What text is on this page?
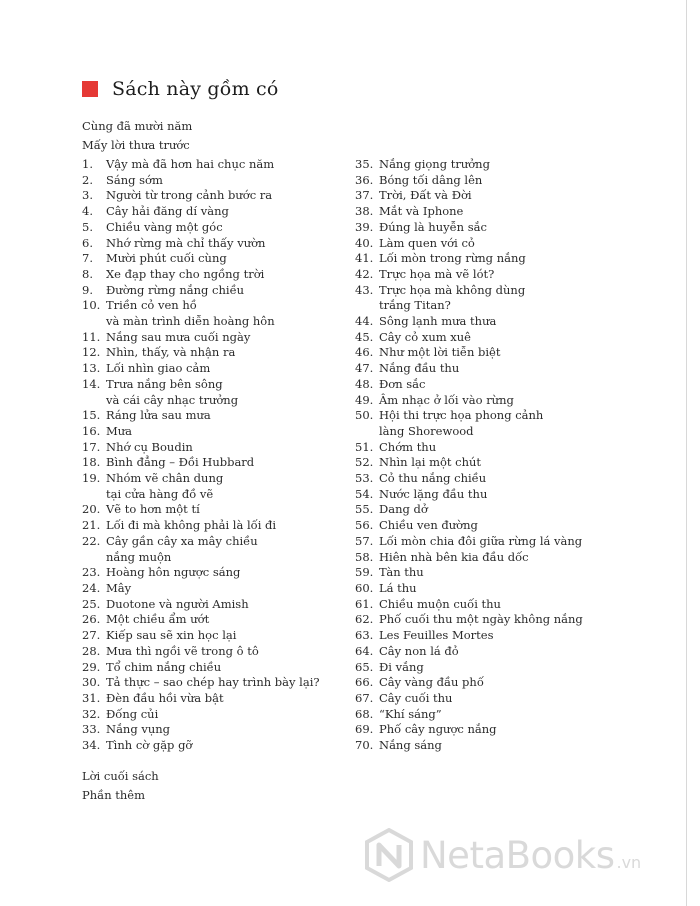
Sách này gồm có
Cùng đã mười năm
Mấy lời thưa trước
1.	Vậy mà đã hơn hai chục năm
2.	Sáng sớm
3.	Người từ trong cảnh bước ra
4.	Cây hải đăng dí vàng
5.	Chiều vàng một góc
6.	Nhớ rừng mà chỉ thấy vườn
7.	Mười phút cuối cùng
8.	Xe đạp thay cho ngồng trời
9.	Đường rừng nắng chiều
10. Triền cỏ ven hồ
và màn trình diễn hoàng hôn
11. Nắng sau mưa cuối ngày
12. Nhìn, thấy, và nhận ra
13. Lối nhìn giao cảm
14. Trưa nắng bên sông
và cái cây nhạc trưởng
15. Ráng lửa sau mưa
16. Mưa
17. Nhớ cụ Boudin
18. Bình đẳng – Đồi Hubbard
19. Nhóm vẽ chân dung
tại cửa hàng đồ vẽ
20. Vẽ to hơn một tí
21. Lối đi mà không phải là lối đi
22. Cây gần cây xa mây chiều
nắng muộn
23. Hoàng hôn ngược sáng
24. Mây
25. Duotone và người Amish
26. Một chiều ẩm ướt
27. Kiếp sau sẽ xin học lại
28. Mưa thì ngồi vẽ trong ô tô
29. Tổ chim nắng chiều
30. Tả thực – sao chép hay trình bày lại?
31. Đèn đầu hồi vừa bật
32. Đống củi
33. Nắng vụng
34. Tình cờ gặp gỡ
35. Nắng giọng trưởng
36. Bóng tối dâng lên
37. Trời, Đất và Đời
38. Mắt và Iphone
39. Đúng là huyễn sắc
40. Làm quen với cỏ
41. Lối mòn trong rừng nắng
42. Trực họa mà vẽ lót?
43. Trực họa mà không dùng
trắng Titan?
44. Sông lạnh mưa thưa
45. Cây cỏ xum xuê
46. Như một lời tiễn biệt
47. Nắng đầu thu
48. Đơn sắc
49. Âm nhạc ở lối vào rừng
50. Hội thi trực họa phong cảnh
làng Shorewood
51. Chớm thu
52. Nhìn lại một chút
53. Cỏ thu nắng chiều
54. Nước lặng đầu thu
55. Dang dở
56. Chiều ven đường
57. Lối mòn chia đôi giữa rừng lá vàng
58. Hiên nhà bên kia đầu dốc
59. Tàn thu
60. Lá thu
61. Chiều muộn cuối thu
62. Phố cuối thu một ngày không nắng
63. Les Feuilles Mortes
64. Cây non lá đỏ
65. Đi vắng
66. Cây vàng đầu phố
67. Cây cuối thu
68. “Khí sáng”
69. Phố cây ngược nắng
70. Nắng sáng
Lời cuối sách
Phần thêm
NetaBooks .vn
